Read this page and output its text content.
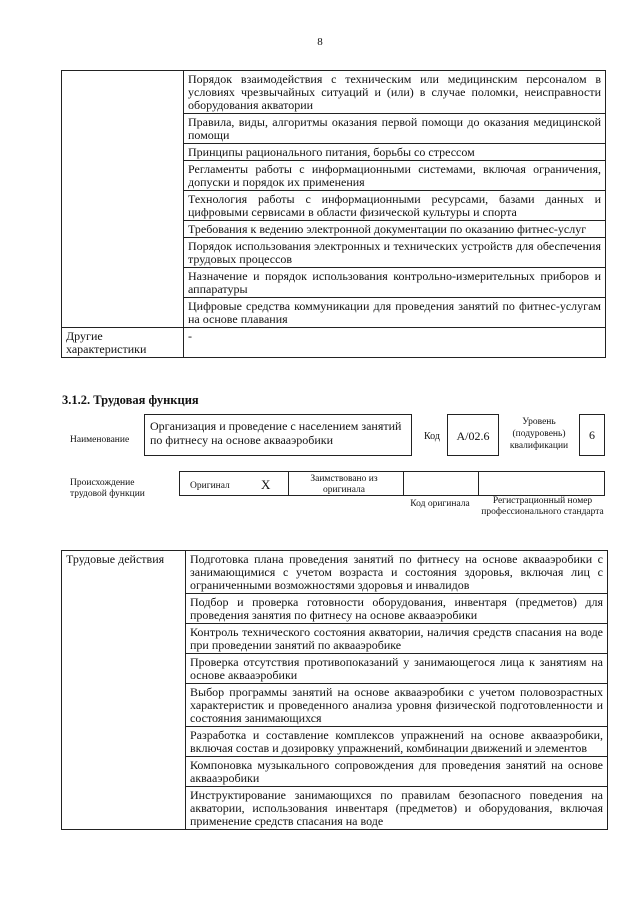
8
	Порядок взаимодействия с техническим или медицинским персоналом в условиях чрезвычайных ситуаций и (или) в случае поломки, неисправности оборудования акватории
	Правила, виды, алгоритмы оказания первой помощи до оказания медицинской помощи
	Принципы рационального питания, борьбы со стрессом
	Регламенты работы с информационными системами, включая ограничения, допуски и порядок их применения
	Технология работы с информационными ресурсами, базами данных и цифровыми сервисами в области физической культуры и спорта
	Требования к ведению электронной документации по оказанию фитнес-услуг
	Порядок использования электронных и технических устройств для обеспечения трудовых процессов
	Назначение и порядок использования контрольно-измерительных приборов и аппаратуры
	Цифровые средства коммуникации для проведения занятий по фитнес-услугам на основе плавания
Другие характеристики	-
3.1.2. Трудовая функция
Наименование
Организация и проведение с населением занятий по фитнесу на основе аквааэробики	Код	A/02.6
Уровень (подуровень) квалификации
6
Происхождение трудовой функции
Оригинал X	Заимствовано из оригинала
Код оригинала	Регистрационный номер профессионального стандарта
Трудовые действия	Подготовка плана проведения занятий по фитнесу на основе аквааэробики с занимающимися с учетом возраста и состояния здоровья, включая лиц с ограниченными возможностями здоровья и инвалидов
Подбор и проверка готовности оборудования, инвентаря (предметов) для проведения занятия по фитнесу на основе аквааэробики
Контроль технического состояния акватории, наличия средств спасания на воде при проведении занятий по аквааэробике
Проверка отсутствия противопоказаний у занимающегося лица к занятиям на основе аквааэробики
Выбор программы занятий на основе аквааэробики с учетом половозрастных характеристик и проведенного анализа уровня физической подготовленности и состояния занимающихся
Разработка и составление комплексов упражнений на основе аквааэробики, включая состав и дозировку упражнений, комбинации движений и элементов
Компоновка музыкального сопровождения для проведения занятий на основе аквааэробики
Инструктирование занимающихся по правилам безопасного поведения на акватории, использования инвентаря (предметов) и оборудования, включая применение средств спасания на воде
